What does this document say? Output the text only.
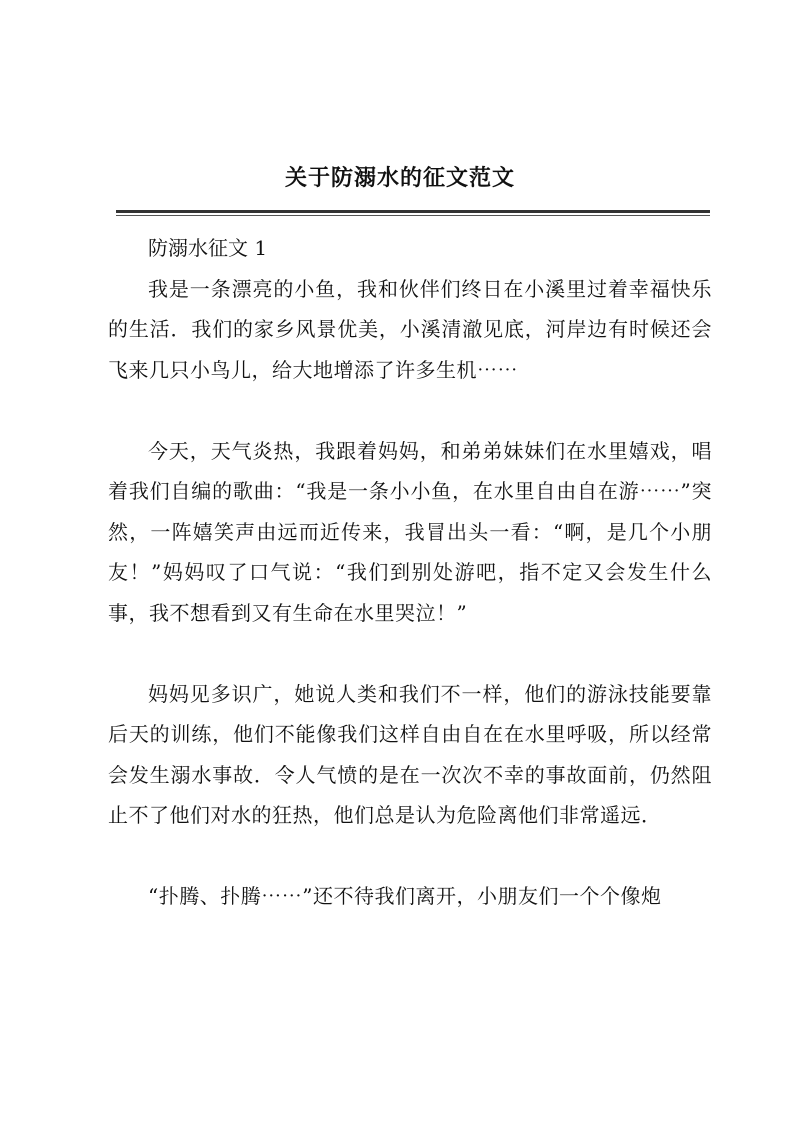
关于防溺水的征文范文

防溺水征文 1

我是一条漂亮的小鱼，我和伙伴们终日在小溪里过着幸福快乐的生活．我们的家乡风景优美，小溪清澈见底，河岸边有时候还会飞来几只小鸟儿，给大地增添了许多生机⋯⋯

今天，天气炎热，我跟着妈妈，和弟弟妹妹们在水里嬉戏，唱着我们自编的歌曲：“我是一条小小鱼，在水里自由自在游⋯⋯”突然，一阵嬉笑声由远而近传来，我冒出头一看：“啊，是几个小朋友！”妈妈叹了口气说：“我们到别处游吧，指不定又会发生什么事，我不想看到又有生命在水里哭泣！”

妈妈见多识广，她说人类和我们不一样，他们的游泳技能要靠后天的训练，他们不能像我们这样自由自在在水里呼吸，所以经常会发生溺水事故．令人气愤的是在一次次不幸的事故面前，仍然阻止不了他们对水的狂热，他们总是认为危险离他们非常遥远．

“扑腾、扑腾⋯⋯”还不待我们离开，小朋友们一个个像炮
